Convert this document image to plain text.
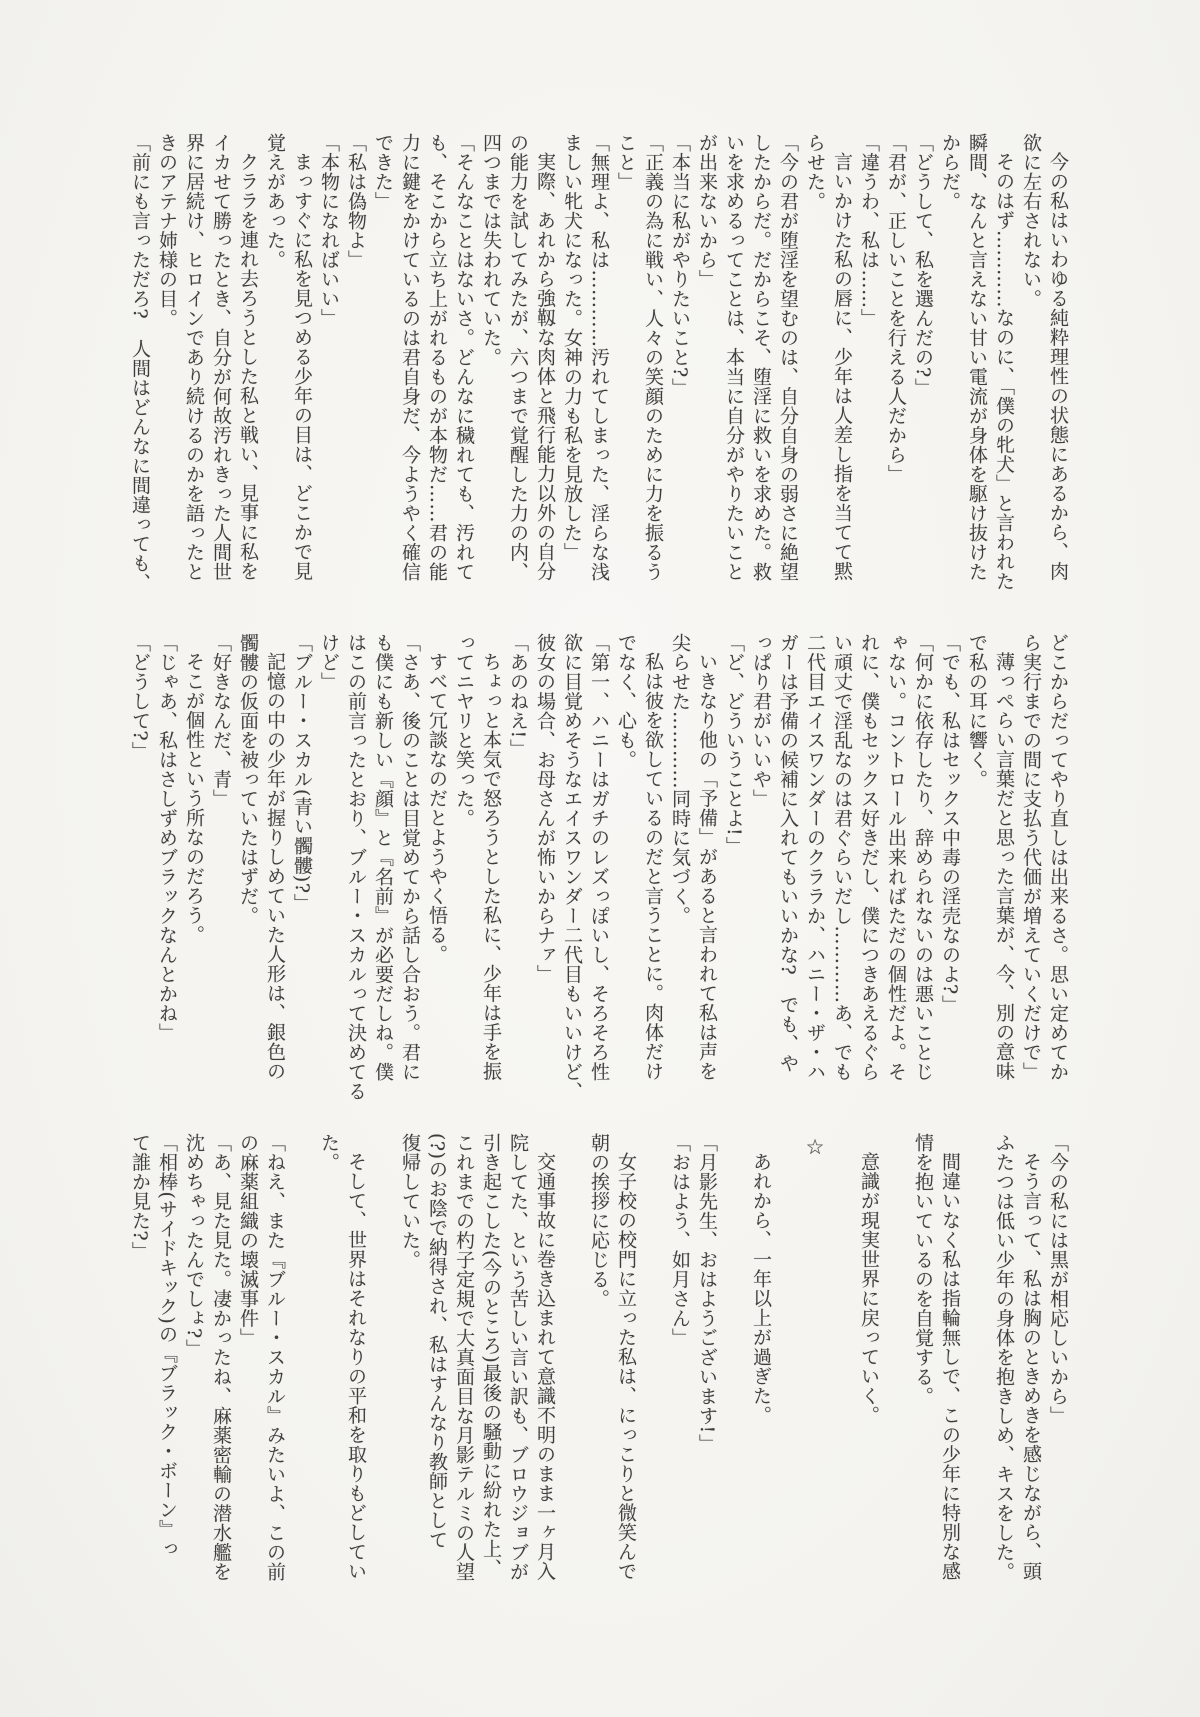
今の私はいわゆる純粋理性の状態にあるから、肉
欲に左右されない。
そのはず…………なのに、「僕の牝犬」と言われた
瞬間、なんと言えない甘い電流が身体を駆け抜けた
からだ。
「どうして、私を選んだの?」
「君が、正しいことを行える人だから」
「違うわ、私は……」
言いかけた私の唇に、少年は人差し指を当てて黙
らせた。
「今の君が堕淫を望むのは、自分自身の弱さに絶望
したからだ。だからこそ、堕淫に救いを求めた。救
いを求めるってことは、本当に自分がやりたいこと
が出来ないから」
「本当に私がやりたいこと?」
「正義の為に戦い、人々の笑顔のために力を振るう
こと」
「無理よ、私は…………汚れてしまった、淫らな浅
ましい牝犬になった。女神の力も私を見放した」
実際、あれから強靱な肉体と飛行能力以外の自分
の能力を試してみたが、六つまで覚醒した力の内、
四つまでは失われていた。
「そんなことはないさ。どんなに穢れても、汚れて
も、そこから立ち上がれるものが本物だ……君の能
力に鍵をかけているのは君自身だ、今ようやく確信
できた」
「私は偽物よ」
「本物になればいい」
まっすぐに私を見つめる少年の目は、どこかで見
覚えがあった。
クララを連れ去ろうとした私と戦い、見事に私を
イカせて勝ったとき、自分が何故汚れきった人間世
界に居続け、ヒロインであり続けるのかを語ったと
きのアテナ姉様の目。
「前にも言っただろ?　人間はどんなに間違っても、
どこからだってやり直しは出来るさ。思い定めてか
ら実行までの間に支払う代価が増えていくだけで」
薄っぺらい言葉だと思った言葉が、今、別の意味
で私の耳に響く。
「でも、私はセックス中毒の淫売なのよ?」
「何かに依存したり、辞められないのは悪いことじ
ゃない。コントロール出来ればただの個性だよ。そ
れに、僕もセックス好きだし、僕につきあえるぐら
い頑丈で淫乱なのは君ぐらいだし…………あ、でも
二代目エイスワンダーのクララか、ハニー・ザ・ハ
ガーは予備の候補に入れてもいいかな?　でも、や
っぱり君がいいや」
「ど、どういうことよ!」
いきなり他の「予備」があると言われて私は声を
尖らせた…………同時に気づく。
私は彼を欲しているのだと言うことに。肉体だけ
でなく、心も。
「第一、ハニーはガチのレズっぽいし、そろそろ性
欲に目覚めそうなエイスワンダー二代目もいいけど、
彼女の場合、お母さんが怖いからナァ」
「あのねえ!」
ちょっと本気で怒ろうとした私に、少年は手を振
ってニヤリと笑った。
すべて冗談なのだとようやく悟る。
「さあ、後のことは目覚めてから話し合おう。君に
も僕にも新しい『顔』と『名前』が必要だしね。僕
はこの前言ったとおり、ブルー・スカルって決めてる
けど」
「ブルー・スカル(青い髑髏)?」
記憶の中の少年が握りしめていた人形は、銀色の
髑髏の仮面を被っていたはずだ。
「好きなんだ、青」
そこが個性という所なのだろう。
「じゃあ、私はさしずめブラックなんとかね」
「どうして?」
「今の私には黒が相応しいから」
そう言って、私は胸のときめきを感じながら、頭
ふたつは低い少年の身体を抱きしめ、キスをした。
間違いなく私は指輪無しで、この少年に特別な感
情を抱いているのを自覚する。
意識が現実世界に戻っていく。
☆
あれから、一年以上が過ぎた。
「月影先生、おはようございます!」
「おはよう、如月さん」
女子校の校門に立った私は、にっこりと微笑んで
朝の挨拶に応じる。
交通事故に巻き込まれて意識不明のまま一ヶ月入
院してた、という苦しい言い訳も、ブロウジョブが
引き起こした(今のところ)最後の騒動に紛れた上、
これまでの杓子定規で大真面目な月影テルミの人望
(?)のお陰で納得され、私はすんなり教師として
復帰していた。
そして、世界はそれなりの平和を取りもどしてい
た。
「ねえ、また『ブルー・スカル』みたいよ、この前
の麻薬組織の壊滅事件」
「あ、見た見た。凄かったね、麻薬密輸の潜水艦を
沈めちゃったんでしょ?」
「相棒(サイドキック)の『ブラック・ボーン』っ
て誰か見た?」
